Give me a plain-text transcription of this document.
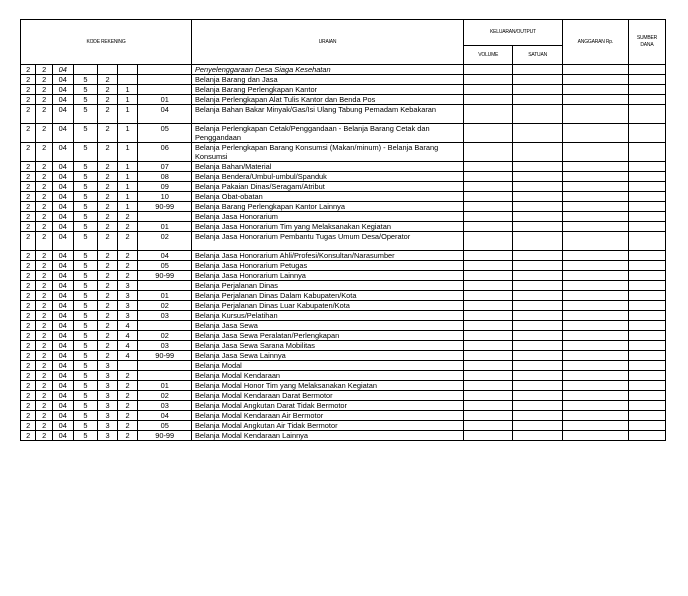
KODE REKENING							URAIAN	KELUARAN/OUTPUT		ANGGARAN Rp.	SUMBER DANA
								VOLUME	SATUAN		
2	2	04					Penyelenggaraan Desa Siaga Kesehatan				
2	2	04	5	2			Belanja Barang dan Jasa				
2	2	04	5	2	1		Belanja Barang Perlengkapan Kantor				
2	2	04	5	2	1	01	Belanja Perlengkapan Alat Tulis Kantor dan Benda Pos				
2	2	04	5	2	1	04	Belanja Bahan Bakar Minyak/Gas/Isi Ulang Tabung Pemadam Kebakaran				
2	2	04	5	2	1	05	Belanja Perlengkapan Cetak/Penggandaan - Belanja Barang Cetak dan Penggandaan				
2	2	04	5	2	1	06	Belanja Perlengkapan Barang Konsumsi (Makan/minum) - Belanja Barang Konsumsi				
2	2	04	5	2	1	07	Belanja Bahan/Material				
2	2	04	5	2	1	08	Belanja Bendera/Umbul-umbul/Spanduk				
2	2	04	5	2	1	09	Belanja Pakaian Dinas/Seragam/Atribut				
2	2	04	5	2	1	10	Belanja Obat-obatan				
2	2	04	5	2	1	90-99	Belanja Barang Perlengkapan Kantor Lainnya				
2	2	04	5	2	2		Belanja Jasa Honorarium				
2	2	04	5	2	2	01	Belanja Jasa Honorarium Tim yang Melaksanakan Kegiatan				
2	2	04	5	2	2	02	Belanja Jasa Honorarium Pembantu Tugas Umum Desa/Operator				
2	2	04	5	2	2	04	Belanja Jasa Honorarium Ahli/Profesi/Konsultan/Narasumber				
2	2	04	5	2	2	05	Belanja Jasa Honorarium Petugas				
2	2	04	5	2	2	90-99	Belanja Jasa Honorarium Lainnya				
2	2	04	5	2	3		Belanja Perjalanan Dinas				
2	2	04	5	2	3	01	Belanja Perjalanan Dinas Dalam Kabupaten/Kota				
2	2	04	5	2	3	02	Belanja Perjalanan Dinas Luar Kabupaten/Kota				
2	2	04	5	2	3	03	Belanja Kursus/Pelatihan				
2	2	04	5	2	4		Belanja Jasa Sewa				
2	2	04	5	2	4	02	Belanja Jasa Sewa Peralatan/Perlengkapan				
2	2	04	5	2	4	03	Belanja Jasa Sewa Sarana Mobilitas				
2	2	04	5	2	4	90-99	Belanja Jasa Sewa Lainnya				
2	2	04	5	3			Belanja Modal				
2	2	04	5	3	2		Belanja Modal Kendaraan				
2	2	04	5	3	2	01	Belanja Modal Honor Tim yang Melaksanakan Kegiatan				
2	2	04	5	3	2	02	Belanja Modal Kendaraan Darat Bermotor				
2	2	04	5	3	2	03	Belanja Modal Angkutan Darat Tidak Bermotor				
2	2	04	5	3	2	04	Belanja Modal Kendaraan Air Bermotor				
2	2	04	5	3	2	05	Belanja Modal Angkutan Air Tidak Bermotor				
2	2	04	5	3	2	90-99	Belanja Modal Kendaraan Lainnya				
